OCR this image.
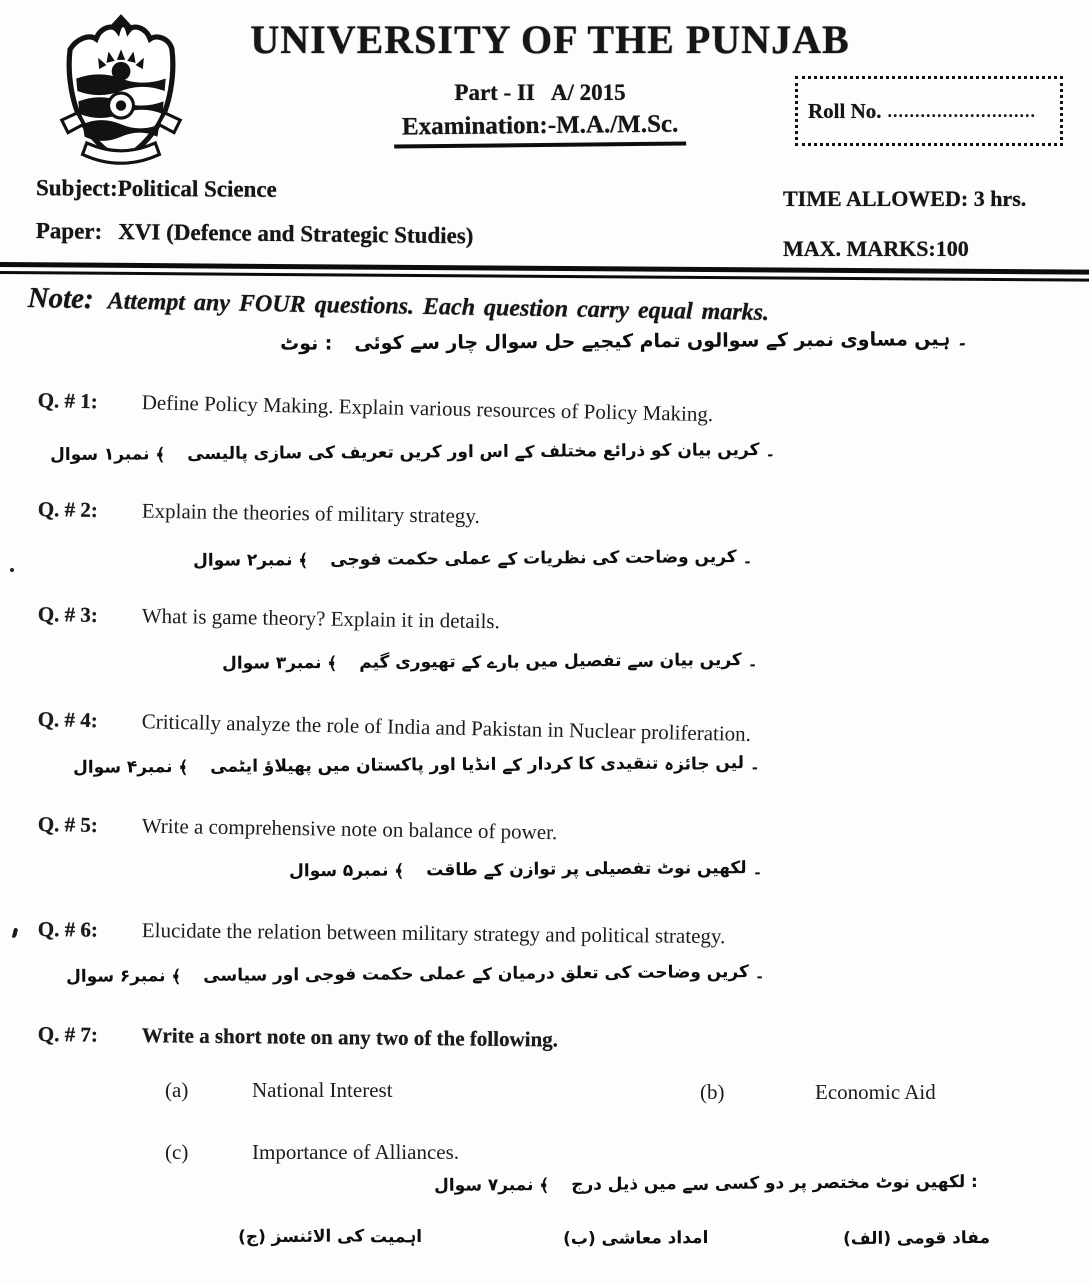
UNIVERSITY OF THE PUNJAB
Part - II   A/ 2015
Examination:-M.A./M.Sc.
Roll No. ...........................
Subject:Political Science
Paper: XVI (Defence and Strategic Studies)
TIME ALLOWED: 3 hrs.
MAX. MARKS:100
Note: Attempt any FOUR questions. Each question carry equal marks.
نوٹ : کوئی سے چار سوال حل کیجیے تمام سوالوں کے نمبر مساوی ہیں ۔
Q. # 1:	Define Policy Making. Explain various resources of Policy Making.
سوال نمبر۱ ﴾ پالیسی سازی کی تعریف کریں اور اس کے مختلف ذرائع کو بیان کریں ۔
Q. # 2:	Explain the theories of military strategy.
سوال نمبر۲ ﴾ فوجی حکمت عملی کے نظریات کی وضاحت کریں ۔
Q. # 3:	What is game theory? Explain it in details.
سوال نمبر۳ ﴾ گیم تھیوری کے بارے میں تفصیل سے بیان کریں ۔
Q. # 4:	Critically analyze the role of India and Pakistan in Nuclear proliferation.
سوال نمبر۴ ﴾ ایٹمی پھیلاؤ میں پاکستان اور انڈیا کے کردار کا تنقیدی جائزہ لیں ۔
Q. # 5:	Write a comprehensive note on balance of power.
سوال نمبر۵ ﴾ طاقت کے توازن پر تفصیلی نوٹ لکھیں ۔
Q. # 6:	Elucidate the relation between military strategy and political strategy.
سوال نمبر۶ ﴾ سیاسی اور فوجی حکمت عملی کے درمیان تعلق کی وضاحت کریں ۔
Q. # 7:	Write a short note on any two of the following.
(a)	National Interest	(b)	Economic Aid
(c)	Importance of Alliances.
سوال نمبر۷ ﴾ درج ذیل میں سے کسی دو پر مختصر نوٹ لکھیں :
(ج) الائنسز کی اہمیت	(ب) معاشی امداد	(الف) قومی مفاد
